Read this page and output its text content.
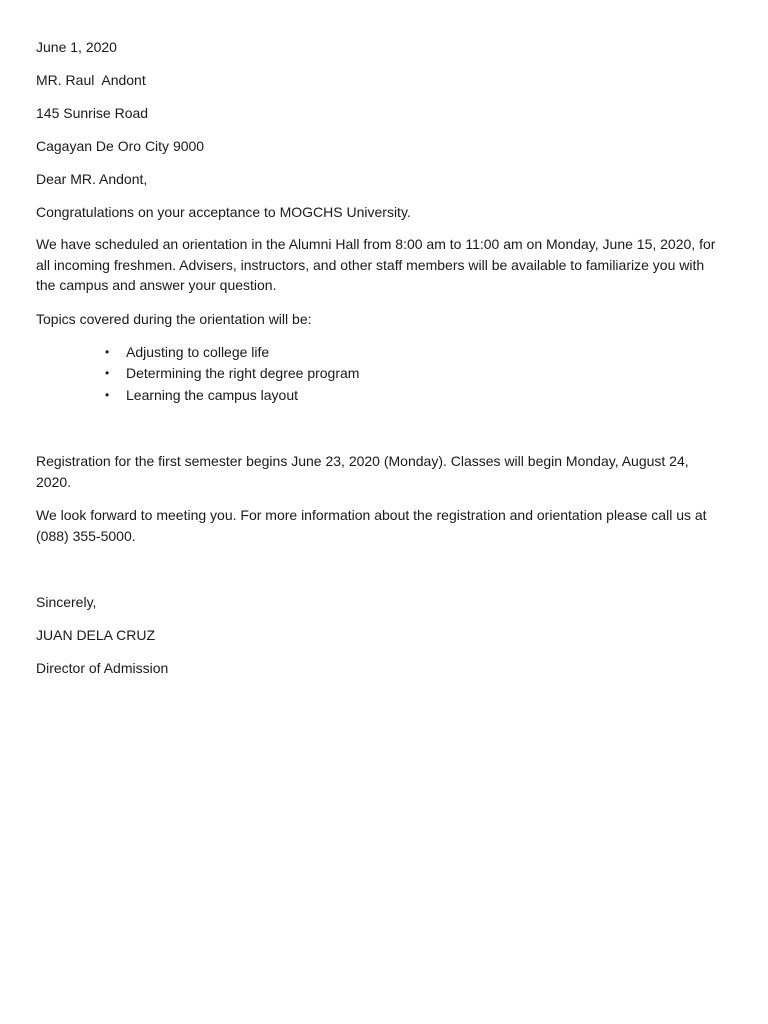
June 1, 2020

MR. Raul  Andont

145 Sunrise Road

Cagayan De Oro City 9000

Dear MR. Andont,

Congratulations on your acceptance to MOGCHS University.

We have scheduled an orientation in the Alumni Hall from 8:00 am to 11:00 am on Monday, June 15, 2020, for all incoming freshmen. Advisers, instructors, and other staff members will be available to familiarize you with the campus and answer your question.

Topics covered during the orientation will be:

• Adjusting to college life
• Determining the right degree program
• Learning the campus layout

Registration for the first semester begins June 23, 2020 (Monday). Classes will begin Monday, August 24, 2020.

We look forward to meeting you. For more information about the registration and orientation please call us at (088) 355-5000.

Sincerely,

JUAN DELA CRUZ

Director of Admission
